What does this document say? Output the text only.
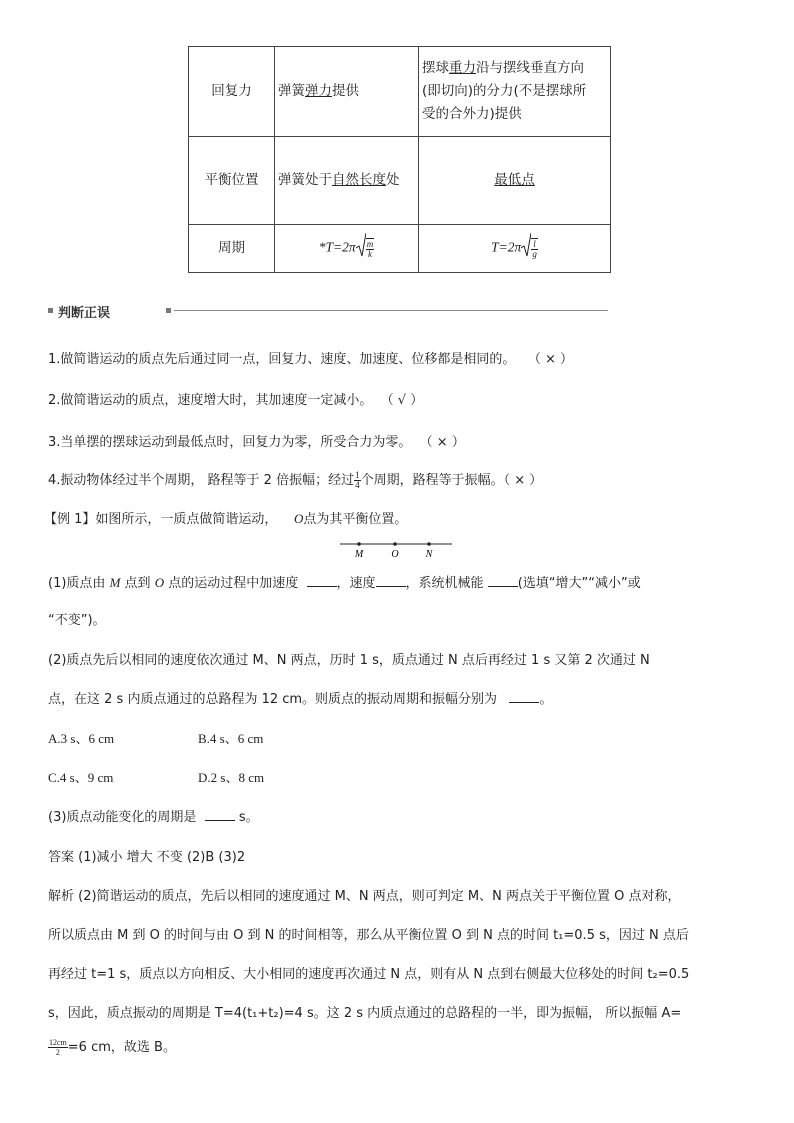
回复力	弹簧弹力提供	摆球重力沿与摆线垂直方向
(即切向)的分力(不是摆球所
受的合外力)提供

平衡位置	弹簧处于自然长度处	最低点
周期	$*T=2\pi \frac{m}{k}$	$T=2\pi \frac{l}{g}$
判断正误
1.做简谐运动的质点先后通过同一点，回复力、速度、加速度、位移都是相同的。 （ × ）
2.做简谐运动的质点，速度增大时，其加速度一定减小。 （ √ ）
3.当单摆的摆球运动到最低点时，回复力为零，所受合力为零。 （ × ）
4.振动物体经过半个周期， 路程等于 2 倍振幅；经过 $\frac{1}{4}$ 个周期，路程等于振幅。（ × ）
【例 1】如图所示，一质点做简谐运动， O点为其平衡位置。
M	O	N
(1)质点由 M 点到 O 点的运动过程中加速度	，速度 ，系统机械能	(选填“增大”“减小”或
“不变”)。
(2)质点先后以相同的速度依次通过 M、N 两点，历时 1 s，质点通过 N 点后再经过 1 s 又第 2 次通过 N
点，在这 2 s 内质点通过的总路程为 12 cm。则质点的振动周期和振幅分别为	。
A.3 s、6 cm	B.4 s、6 cm
C.4 s、9 cm	D.2 s、8 cm
(3)质点动能变化的周期是	s。
答案 (1)减小 增大 不变 (2)B (3)2
解析 (2)简谐运动的质点，先后以相同的速度通过 M、N 两点，则可判定 M、N 两点关于平衡位置 O 点对称，
所以质点由 M 到 O 的时间与由 O 到 N 的时间相等，那么从平衡位置 O 到 N 点的时间 t₁=0.5 s，因过 N 点后
再经过 t=1 s，质点以方向相反、大小相同的速度再次通过 N 点，则有从 N 点到右侧最大位移处的时间 t₂=0.5
s，因此，质点振动的周期是 T=4(t₁+t₂)=4 s。这 2 s 内质点通过的总路程的一半，即为振幅， 所以振幅 A=
$\frac{12cm}{2} =6$ cm，故选 B。
